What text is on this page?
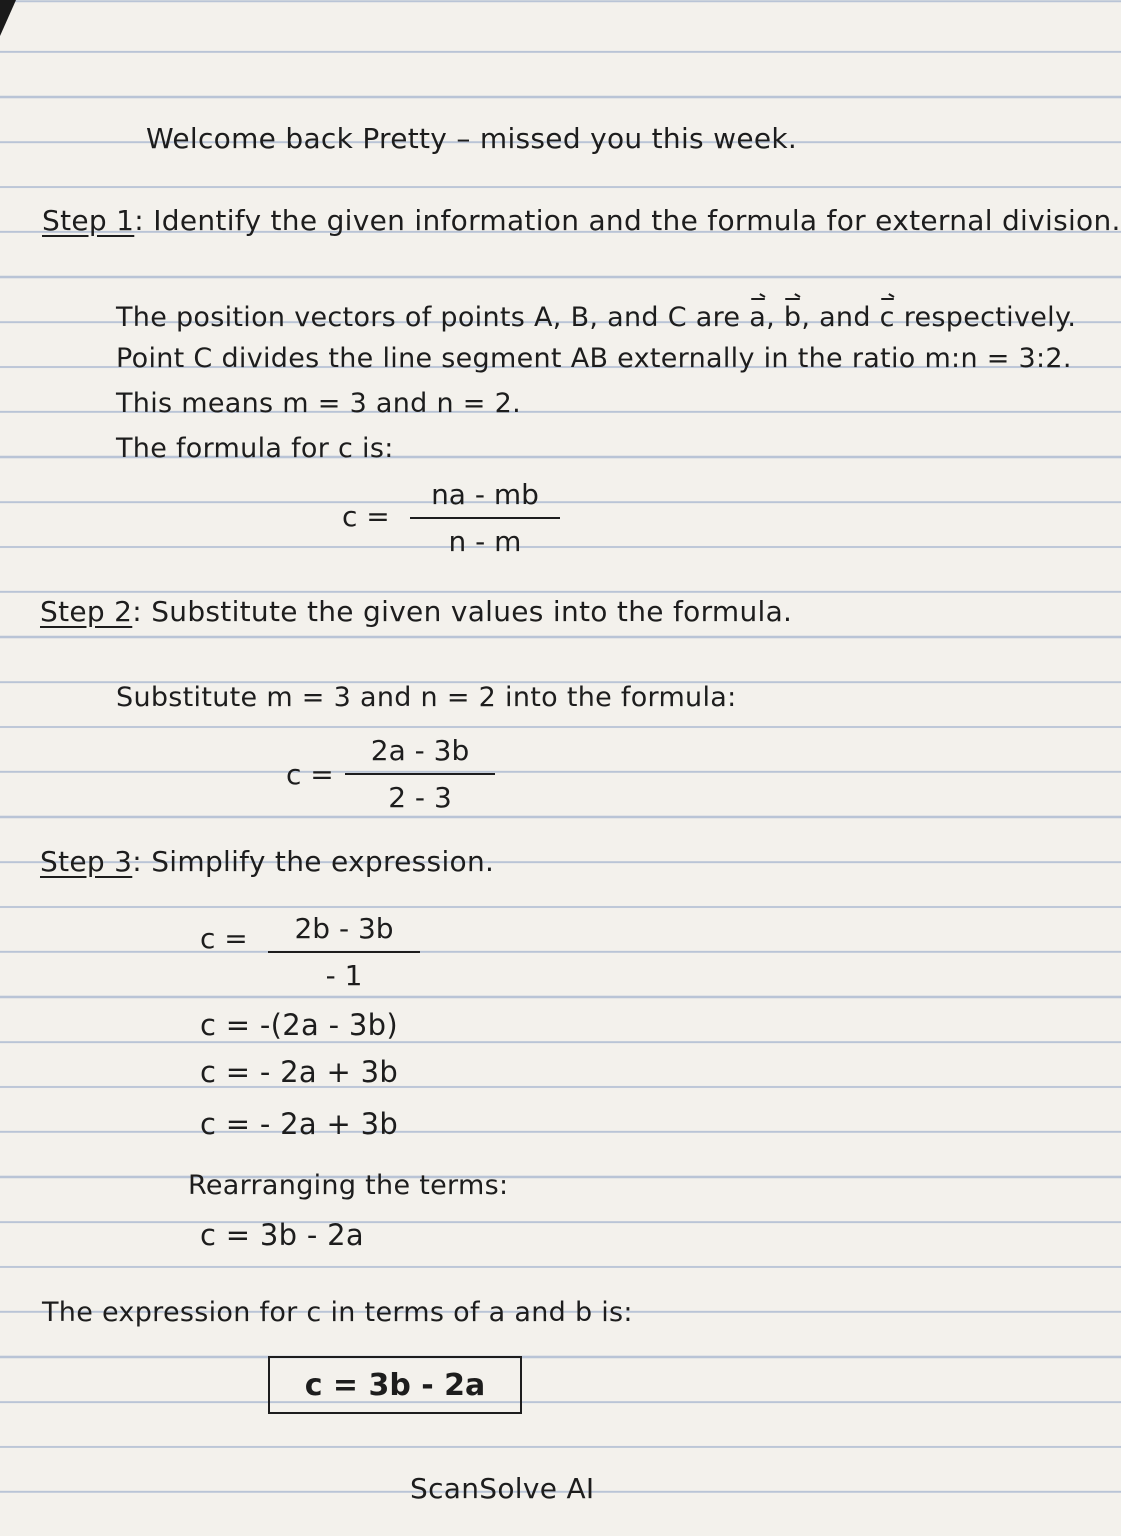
Welcome back Pretty – missed you this week.
Step 1: Identify the given information and the formula for external division.
The position vectors of points A, B, and C are a, b, and c respectively.
Point C divides the line segment AB externally in the ratio m:n = 3:2.
This means m = 3 and n = 2.
The formula for c is:
$c = \frac{na - mb}{n - m}$
Step 2: Substitute the given values into the formula.
Substitute m = 3 and n = 2 into the formula:
$c = \frac{2a - 3b}{2 - 3}$
Step 3: Simplify the expression.
$c = \frac{2b - 3b}{- 1}$
c = -(2a - 3b)
c = - 2a + 3b
c = - 2a + 3b
Rearranging the terms:
c = 3b - 2a
The expression for c in terms of a and b is:
c = 3b - 2a
ScanSolve AI
